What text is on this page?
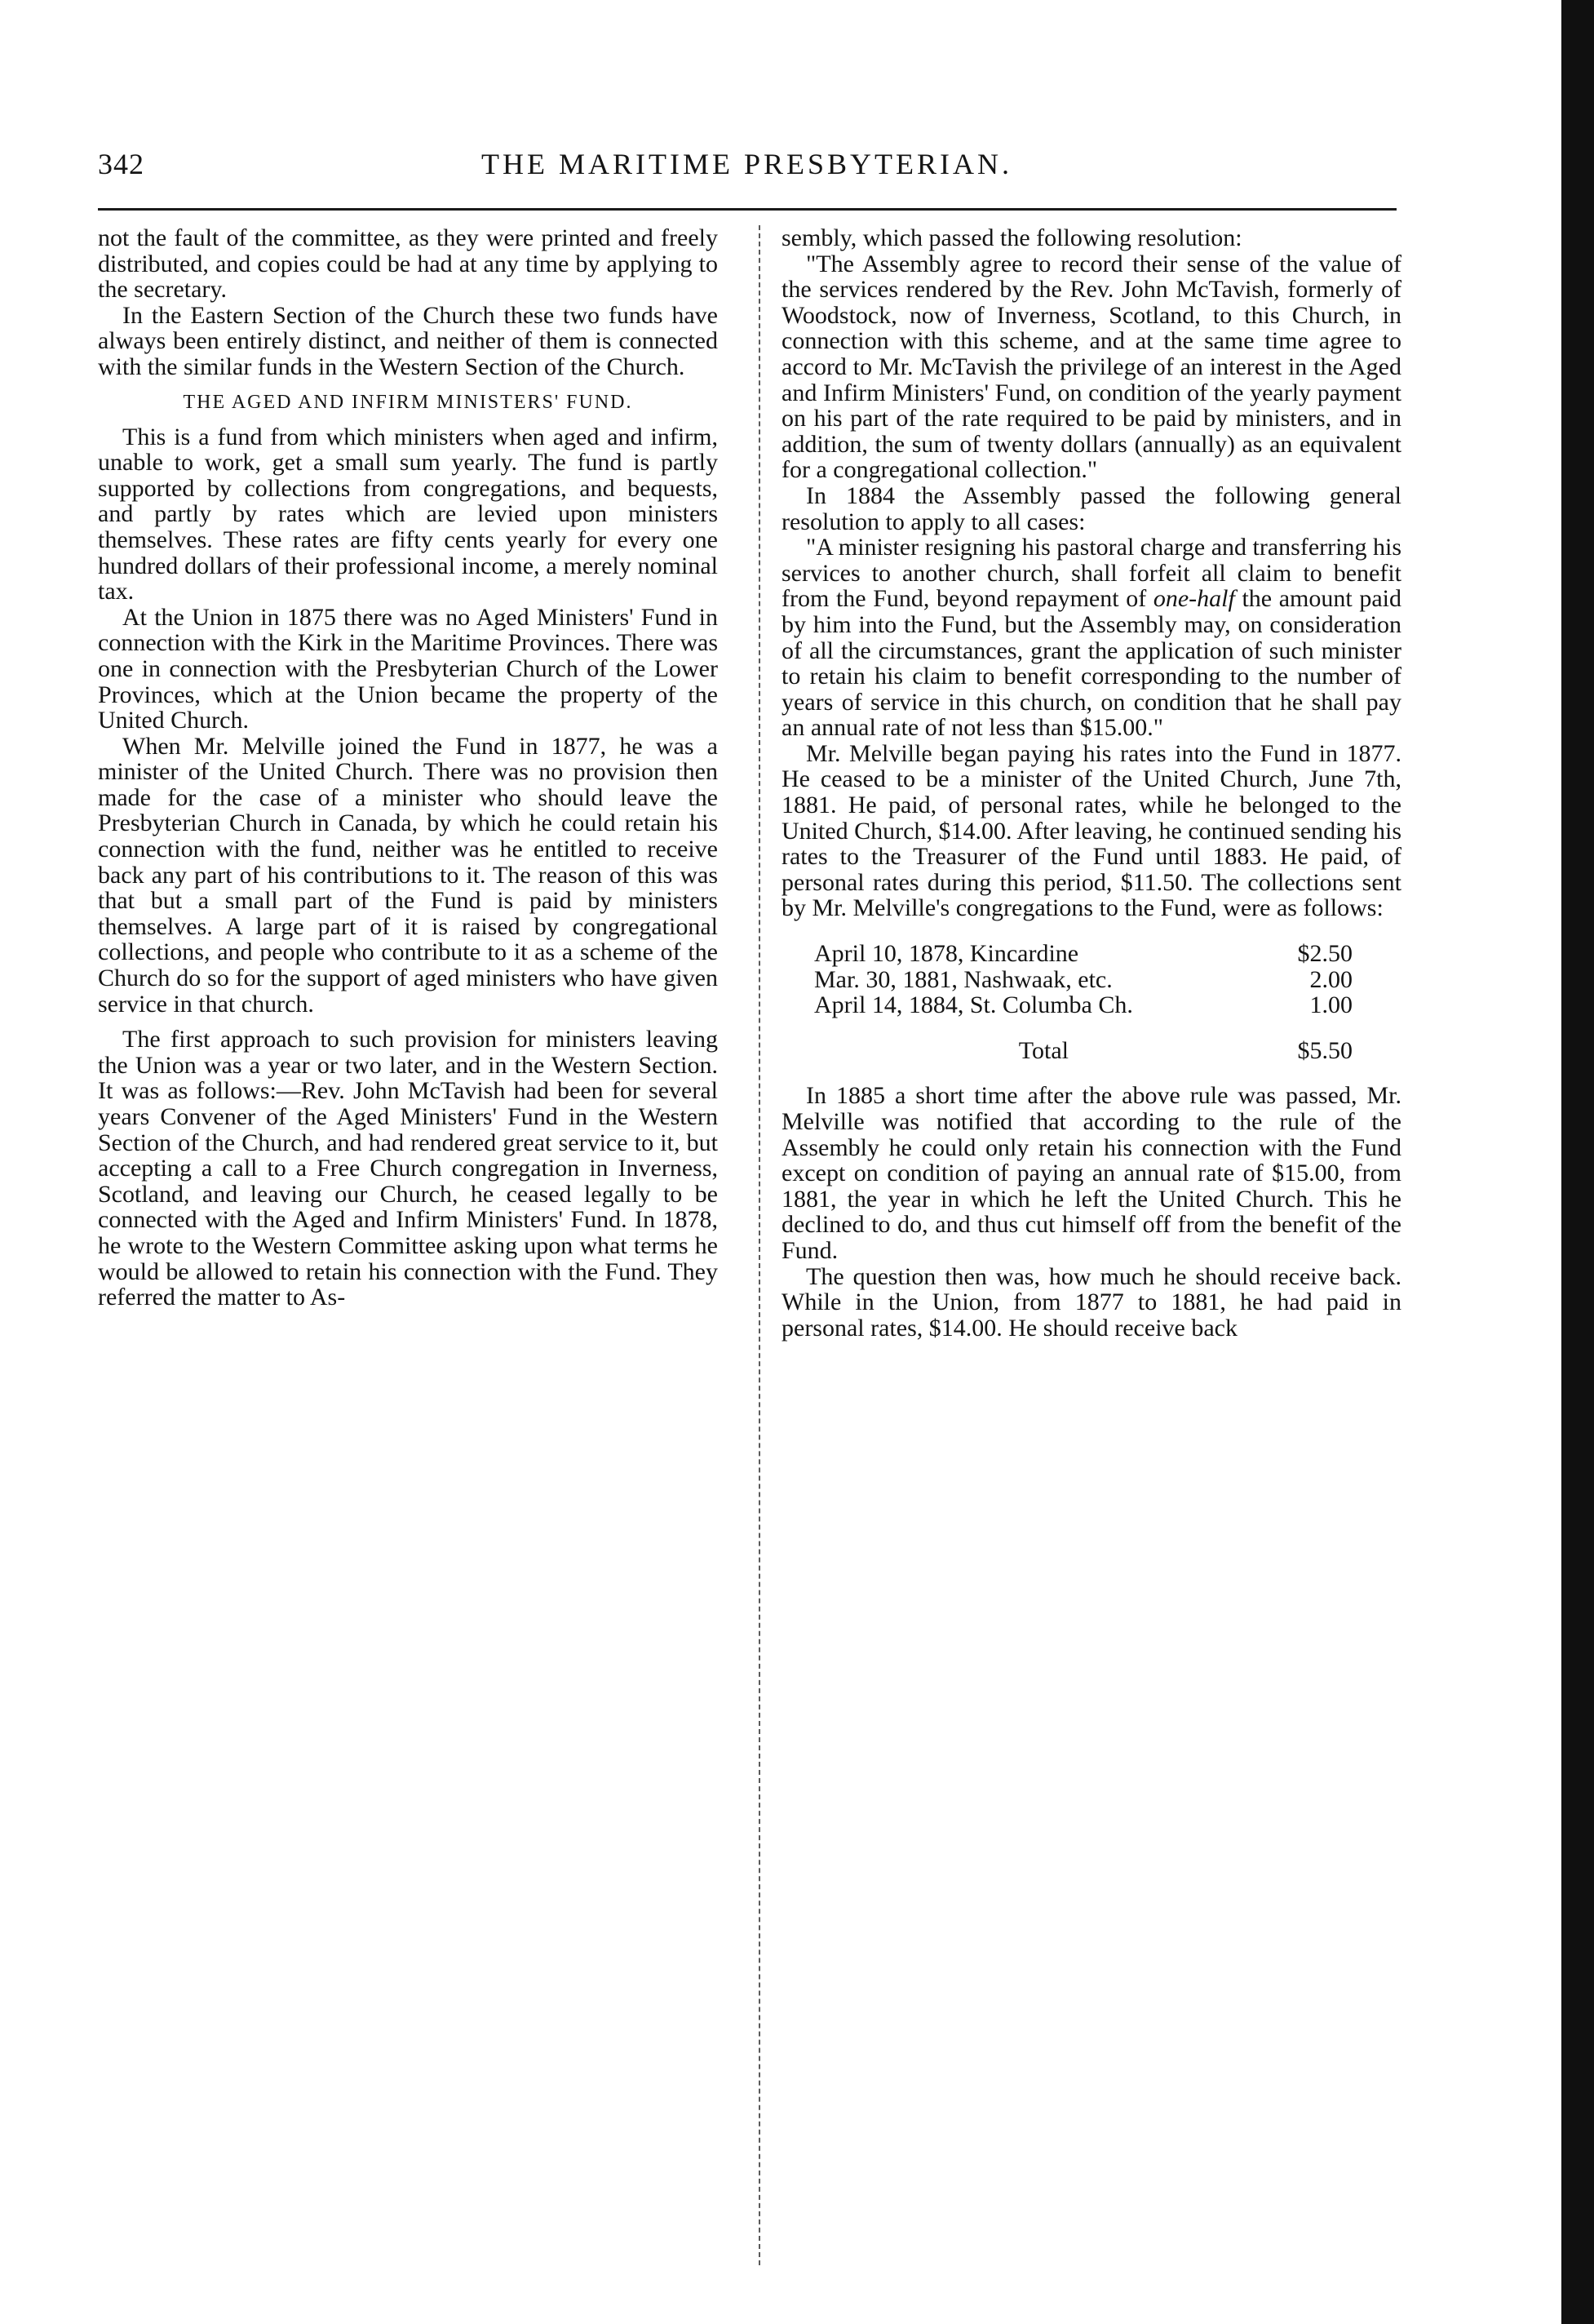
342	THE MARITIME PRESBYTERIAN.

not the fault of the committee, as they were printed and freely distributed, and copies could be had at any time by applying to the secretary.

In the Eastern Section of the Church these two funds have always been entirely distinct, and neither of them is connected with the similar funds in the Western Section of the Church.

THE AGED AND INFIRM MINISTERS' FUND.

This is a fund from which ministers when aged and infirm, unable to work, get a small sum yearly. The fund is partly supported by collections from congregations, and bequests, and partly by rates which are levied upon ministers themselves. These rates are fifty cents yearly for every one hundred dollars of their professional income, a merely nominal tax.

At the Union in 1875 there was no Aged Ministers' Fund in connection with the Kirk in the Maritime Provinces. There was one in connection with the Presbyterian Church of the Lower Provinces, which at the Union became the property of the United Church.

When Mr. Melville joined the Fund in 1877, he was a minister of the United Church. There was no provision then made for the case of a minister who should leave the Presbyterian Church in Canada, by which he could retain his connection with the fund, neither was he entitled to receive back any part of his contributions to it. The reason of this was that but a small part of the Fund is paid by ministers themselves. A large part of it is raised by congregational collections, and people who contribute to it as a scheme of the Church do so for the support of aged ministers who have given service in that church.

The first approach to such provision for ministers leaving the Union was a year or two later, and in the Western Section. It was as follows:—Rev. John McTavish had been for several years Convener of the Aged Ministers' Fund in the Western Section of the Church, and had rendered great service to it, but accepting a call to a Free Church congregation in Inverness, Scotland, and leaving our Church, he ceased legally to be connected with the Aged and Infirm Ministers' Fund. In 1878, he wrote to the Western Committee asking upon what terms he would be allowed to retain his connection with the Fund. They referred the matter to As-

sembly, which passed the following resolution:

"The Assembly agree to record their sense of the value of the services rendered by the Rev. John McTavish, formerly of Woodstock, now of Inverness, Scotland, to this Church, in connection with this scheme, and at the same time agree to accord to Mr. McTavish the privilege of an interest in the Aged and Infirm Ministers' Fund, on condition of the yearly payment on his part of the rate required to be paid by ministers, and in addition, the sum of twenty dollars (annually) as an equivalent for a congregational collection."

In 1884 the Assembly passed the following general resolution to apply to all cases:

"A minister resigning his pastoral charge and transferring his services to another church, shall forfeit all claim to benefit from the Fund, beyond repayment of one-half the amount paid by him into the Fund, but the Assembly may, on consideration of all the circumstances, grant the application of such minister to retain his claim to benefit corresponding to the number of years of service in this church, on condition that he shall pay an annual rate of not less than $15.00."

Mr. Melville began paying his rates into the Fund in 1877. He ceased to be a minister of the United Church, June 7th, 1881. He paid, of personal rates, while he belonged to the United Church, $14.00. After leaving, he continued sending his rates to the Treasurer of the Fund until 1883. He paid, of personal rates during this period, $11.50. The collections sent by Mr. Melville's congregations to the Fund, were as follows:

April 10, 1878, Kincardine	$2.50
Mar. 30, 1881, Nashwaak, etc.	2.00
April 14, 1884, St. Columba Ch.	1.00
Total	$5.50

In 1885 a short time after the above rule was passed, Mr. Melville was notified that according to the rule of the Assembly he could only retain his connection with the Fund except on condition of paying an annual rate of $15.00, from 1881, the year in which he left the United Church. This he declined to do, and thus cut himself off from the benefit of the Fund.

The question then was, how much he should receive back. While in the Union, from 1877 to 1881, he had paid in personal rates, $14.00. He should receive back
